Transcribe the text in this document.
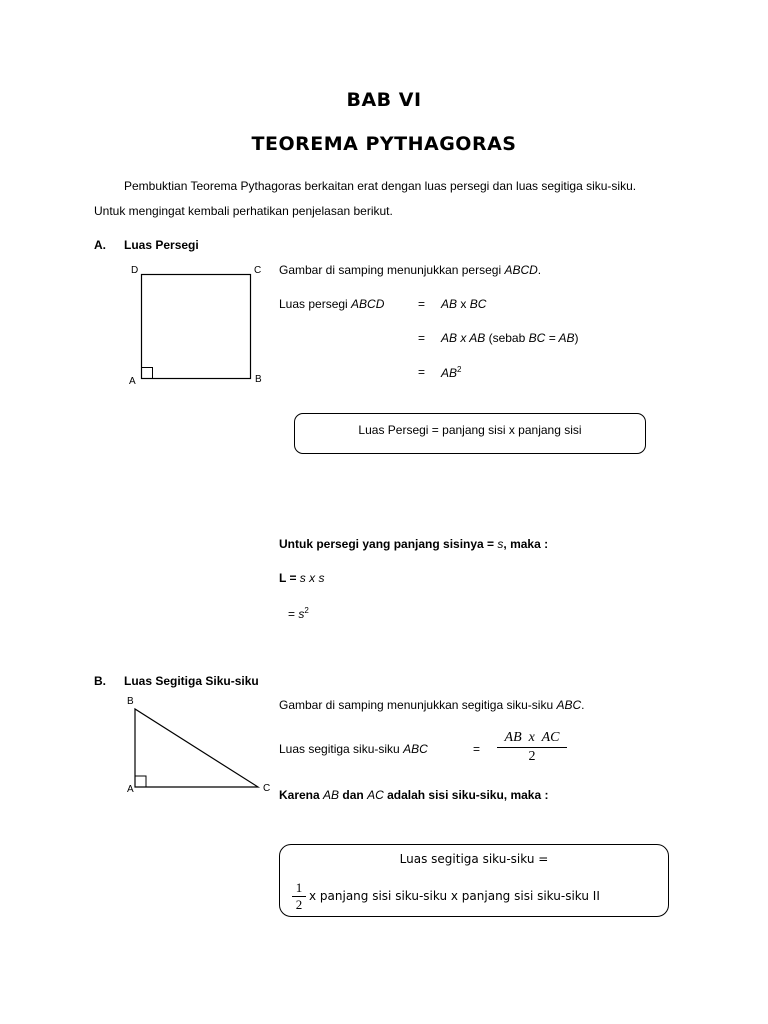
BAB VI
TEOREMA PYTHAGORAS
Pembuktian Teorema Pythagoras berkaitan erat dengan luas persegi dan luas segitiga siku-siku.
Untuk mengingat kembali perhatikan penjelasan berikut.
A. Luas Persegi
D	C
A	B
Gambar di samping menunjukkan persegi ABCD.
Luas persegi ABCD	= AB x BC
= AB x AB (sebab BC = AB)
= $AB^2$
Luas Persegi = panjang sisi x panjang sisi
Untuk persegi yang panjang sisinya = s, maka :
L = s x s
= $s^2$
B. Luas Segitiga Siku-siku
B
A	C
Gambar di samping menunjukkan segitiga siku-siku ABC.
Luas segitiga siku-siku ABC	= $\frac{\text{AB  x  AC}}{2}$
Karena AB dan AC adalah sisi siku-siku, maka :
Luas segitiga siku-siku =
$\frac{1}{2}$ x panjang sisi siku-siku x panjang sisi siku-siku II
